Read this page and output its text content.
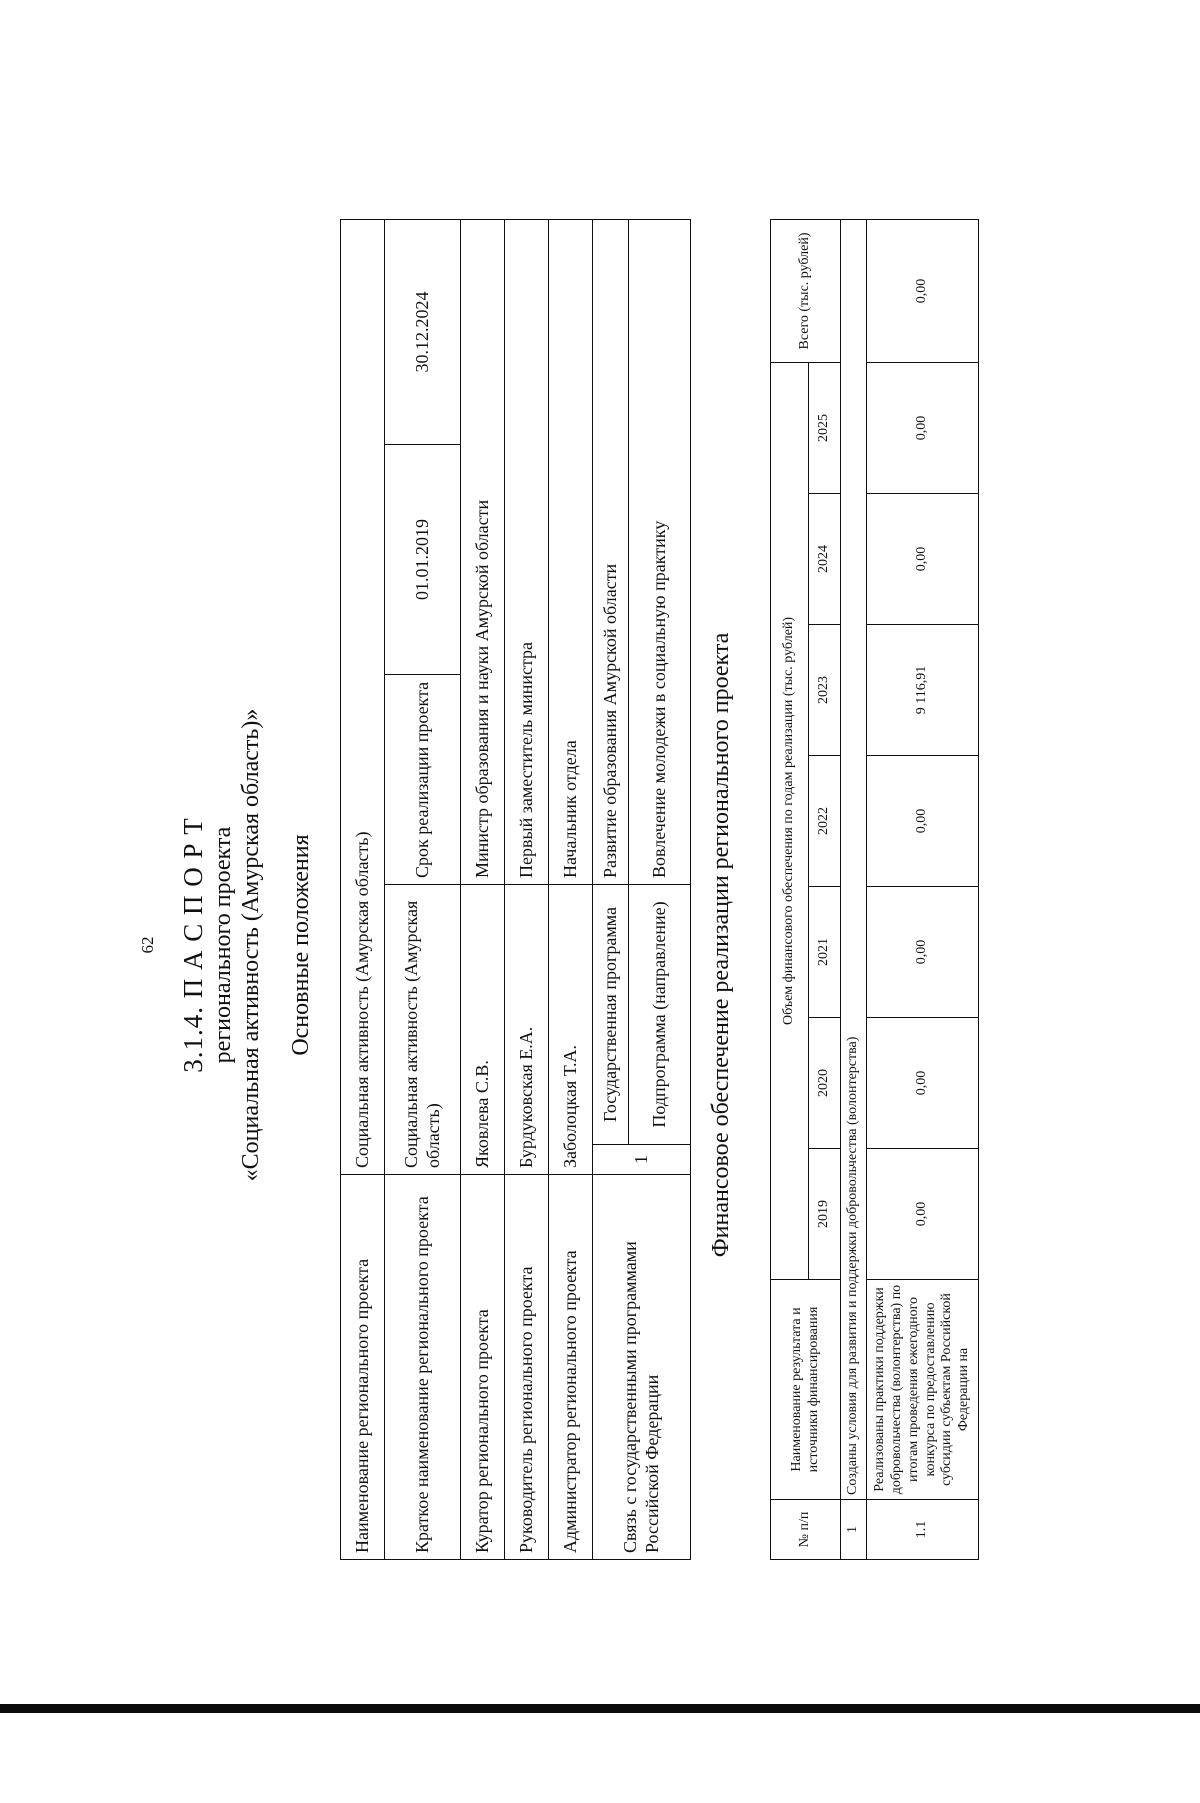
62 3.1.4. П А С П О Р Т регионального проекта «Социальная активность (Амурская область)» Основные положения
Наименование регионального проекта	Социальная активность (Амурская область)				
Краткое наименование регионального проекта	Социальная активность (Амурская область)		Срок реализации проекта	01.01.2019	30.12.2024
Куратор регионального проекта	Яковлева С.В.		Министр образования и науки Амурской области		
Руководитель регионального проекта	Бурдуковская Е.А.		Первый заместитель министра		
Администратор регионального проекта	Заболоцкая Т.А.		Начальник отдела		
Связь с государственными программами Российской Федерации	1	Государственная программа	Развитие образования Амурской области		
		Подпрограмма (направление)	Вовлечение молодежи в социальную практику		Финансовое обеспечение реализации регионального проекта
№ п/п	Наименование результата и источники финансирования	Объем финансового обеспечения по годам реализации (тыс. рублей)							Всего (тыс. рублей)
		2019	2020	2021	2022	2023	2024	2025	
1	Созданы условия для развития и поддержки добровольчества (волонтерства)								
1.1	Реализованы практики поддержки добровольчества (волонтерства) по итогам проведения ежегодного конкурса по предоставлению субсидии субъектам Российской Федерации на	0,00	0,00	0,00	0,00	9 116,91	0,00	0,00	0,00
